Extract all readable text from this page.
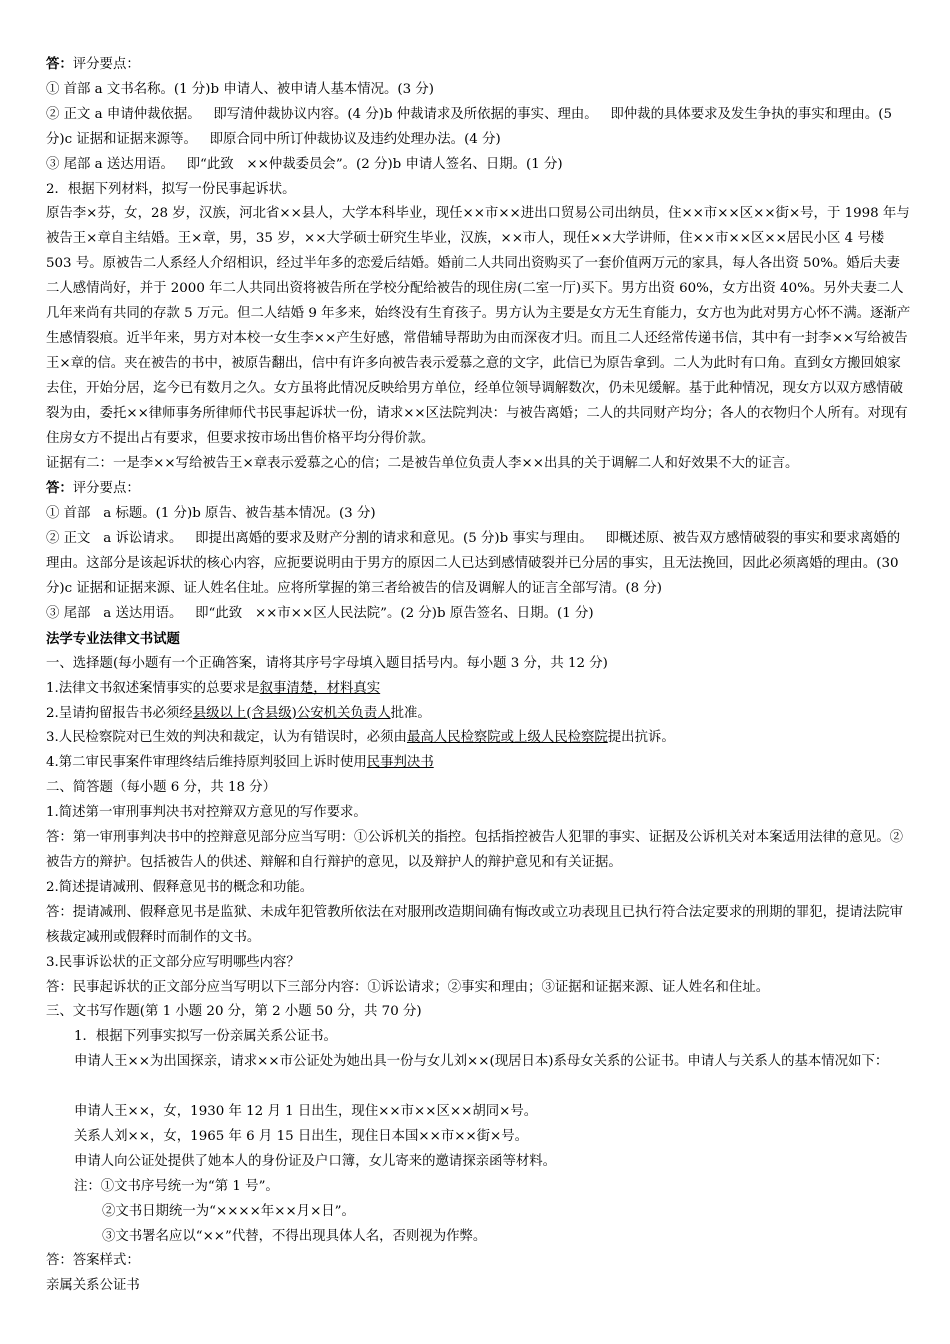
答：评分要点：

① 首部 a 文书名称。(1 分)b 申请人、被申请人基本情况。(3 分)

② 正文 a 申请仲裁依据。   即写清仲裁协议内容。(4 分)b 仲裁请求及所依据的事实、理由。   即仲裁的具体要求及发生争执的事实和理由。(5 分)c 证据和证据来源等。   即原合同中所订仲裁协议及违约处理办法。(4 分)

③ 尾部 a 送达用语。   即“此致   ××仲裁委员会”。(2 分)b 申请人签名、日期。(1 分)

2．根据下列材料，拟写一份民事起诉状。

原告李×芬，女，28 岁，汉族，河北省××县人，大学本科毕业，现任××市××进出口贸易公司出纳员，住××市××区××街×号，于 1998 年与被告王×章自主结婚。王×章，男，35 岁，××大学硕士研究生毕业，汉族，××市人，现任××大学讲师，住××市××区××居民小区 4 号楼 503 号。原被告二人系经人介绍相识，经过半年多的恋爱后结婚。婚前二人共同出资购买了一套价值两万元的家具，每人各出资 50%。婚后夫妻二人感情尚好，并于 2000 年二人共同出资将被告所在学校分配给被告的现住房(二室一厅)买下。男方出资 60%，女方出资 40%。另外夫妻二人几年来尚有共同的存款 5 万元。但二人结婚 9 年多来，始终没有生育孩子。男方认为主要是女方无生育能力，女方也为此对男方心怀不满。逐渐产生感情裂痕。近半年来，男方对本校一女生李××产生好感，常借辅导帮助为由而深夜才归。而且二人还经常传递书信，其中有一封李××写给被告王×章的信。夹在被告的书中，被原告翻出，信中有许多向被告表示爱慕之意的文字，此信已为原告拿到。二人为此时有口角。直到女方搬回娘家去住，开始分居，迄今已有数月之久。女方虽将此情况反映给男方单位，经单位领导调解数次，仍未见缓解。基于此种情况，现女方以双方感情破裂为由，委托××律师事务所律师代书民事起诉状一份，请求××区法院判决：与被告离婚；二人的共同财产均分；各人的衣物归个人所有。对现有住房女方不提出占有要求，但要求按市场出售价格平均分得价款。

证据有二：一是李××写给被告王×章表示爱慕之心的信；二是被告单位负责人李××出具的关于调解二人和好效果不大的证言。

答：评分要点：

① 首部   a 标题。(1 分)b 原告、被告基本情况。(3 分)

② 正文   a 诉讼请求。   即提出离婚的要求及财产分割的请求和意见。(5 分)b 事实与理由。   即概述原、被告双方感情破裂的事实和要求离婚的理由。这部分是该起诉状的核心内容，应扼要说明由于男方的原因二人已达到感情破裂并已分居的事实，且无法挽回，因此必须离婚的理由。(30 分)c 证据和证据来源、证人姓名住址。应将所掌握的第三者给被告的信及调解人的证言全部写清。(8 分)

③ 尾部   a 送达用语。   即“此致   ××市××区人民法院”。(2 分)b 原告签名、日期。(1 分)

法学专业法律文书试题

一、选择题(每小题有一个正确答案，请将其序号字母填入题目括号内。每小题 3 分，共 12 分)

1.法律文书叙述案情事实的总要求是叙事清楚，材料真实

2.呈请拘留报告书必须经县级以上(含县级)公安机关负责人批准。

3.人民检察院对已生效的判决和裁定，认为有错误时，必须由最高人民检察院或上级人民检察院提出抗诉。

4.第二审民事案件审理终结后维持原判驳回上诉时使用民事判决书

二、简答题（每小题 6 分，共 18 分）

1.简述第一审刑事判决书对控辩双方意见的写作要求。

答：第一审刑事判决书中的控辩意见部分应当写明：①公诉机关的指控。包括指控被告人犯罪的事实、证据及公诉机关对本案适用法律的意见。②被告方的辩护。包括被告人的供述、辩解和自行辩护的意见，以及辩护人的辩护意见和有关证据。

2.简述提请减刑、假释意见书的概念和功能。

答：提请减刑、假释意见书是监狱、未成年犯管教所依法在对服刑改造期间确有悔改或立功表现且已执行符合法定要求的刑期的罪犯，提请法院审核裁定减刑或假释时而制作的文书。

3.民事诉讼状的正文部分应写明哪些内容？

答：民事起诉状的正文部分应当写明以下三部分内容：①诉讼请求；②事实和理由；③证据和证据来源、证人姓名和住址。

三、文书写作题(第 1 小题 20 分，第 2 小题 50 分，共 70 分)

1．根据下列事实拟写一份亲属关系公证书。

申请人王××为出国探亲，请求××市公证处为她出具一份与女儿刘××(现居日本)系母女关系的公证书。申请人与关系人的基本情况如下：

申请人王××，女，1930 年 12 月 1 日出生，现住××市××区××胡同×号。

关系人刘××，女，1965 年 6 月 15 日出生，现住日本国××市××街×号。

申请人向公证处提供了她本人的身份证及户口簿，女儿寄来的邀请探亲函等材料。

注：①文书序号统一为“第 1 号”。

②文书日期统一为“××××年××月×日”。

③文书署名应以“××”代替，不得出现具体人名，否则视为作弊。

答：答案样式：

亲属关系公证书
